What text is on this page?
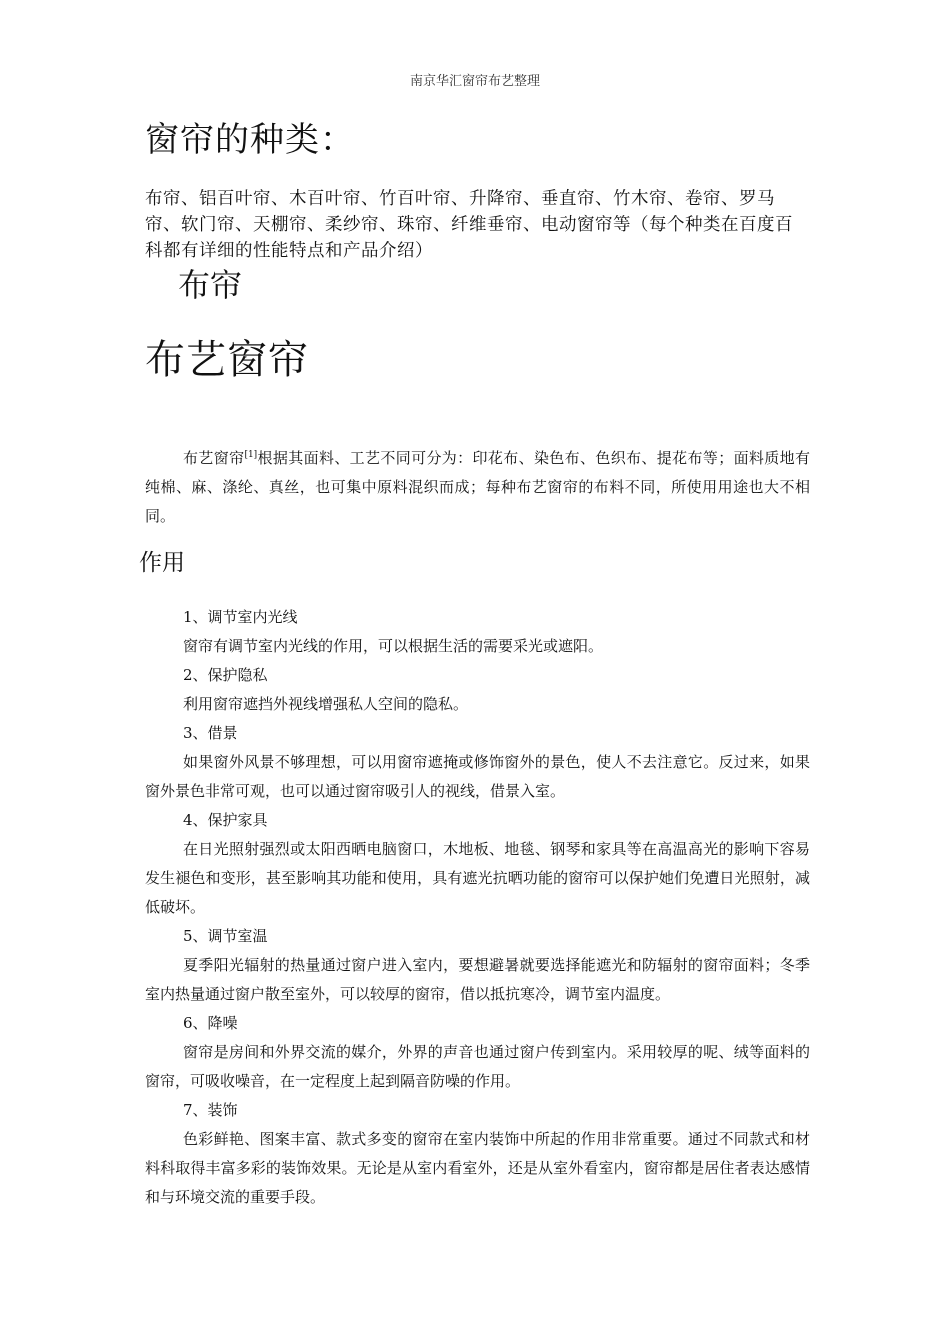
南京华汇窗帘布艺整理
窗帘的种类：
布帘、铝百叶帘、木百叶帘、竹百叶帘、升降帘、垂直帘、竹木帘、卷帘、罗马帘、软门帘、天棚帘、柔纱帘、珠帘、纤维垂帘、电动窗帘等（每个种类在百度百科都有详细的性能特点和产品介绍）
布帘
布艺窗帘
布艺窗帘[1]根据其面料、工艺不同可分为：印花布、染色布、色织布、提花布等；面料质地有纯棉、麻、涤纶、真丝，也可集中原料混织而成；每种布艺窗帘的布料不同，所使用用途也大不相同。
作用

1、调节室内光线

窗帘有调节室内光线的作用，可以根据生活的需要采光或遮阳。

2、保护隐私

利用窗帘遮挡外视线增强私人空间的隐私。

3、借景

如果窗外风景不够理想，可以用窗帘遮掩或修饰窗外的景色，使人不去注意它。反过来，如果窗外景色非常可观，也可以通过窗帘吸引人的视线，借景入室。

4、保护家具

在日光照射强烈或太阳西晒电脑窗口，木地板、地毯、钢琴和家具等在高温高光的影响下容易发生褪色和变形，甚至影响其功能和使用，具有遮光抗晒功能的窗帘可以保护她们免遭日光照射，减低破坏。

5、调节室温

夏季阳光辐射的热量通过窗户进入室内，要想避暑就要选择能遮光和防辐射的窗帘面料；冬季室内热量通过窗户散至室外，可以较厚的窗帘，借以抵抗寒冷，调节室内温度。

6、降噪

窗帘是房间和外界交流的媒介，外界的声音也通过窗户传到室内。采用较厚的呢、绒等面料的窗帘，可吸收噪音，在一定程度上起到隔音防噪的作用。

7、装饰

色彩鲜艳、图案丰富、款式多变的窗帘在室内装饰中所起的作用非常重要。通过不同款式和材料科取得丰富多彩的装饰效果。无论是从室内看室外，还是从室外看室内，窗帘都是居住者表达感情和与环境交流的重要手段。
